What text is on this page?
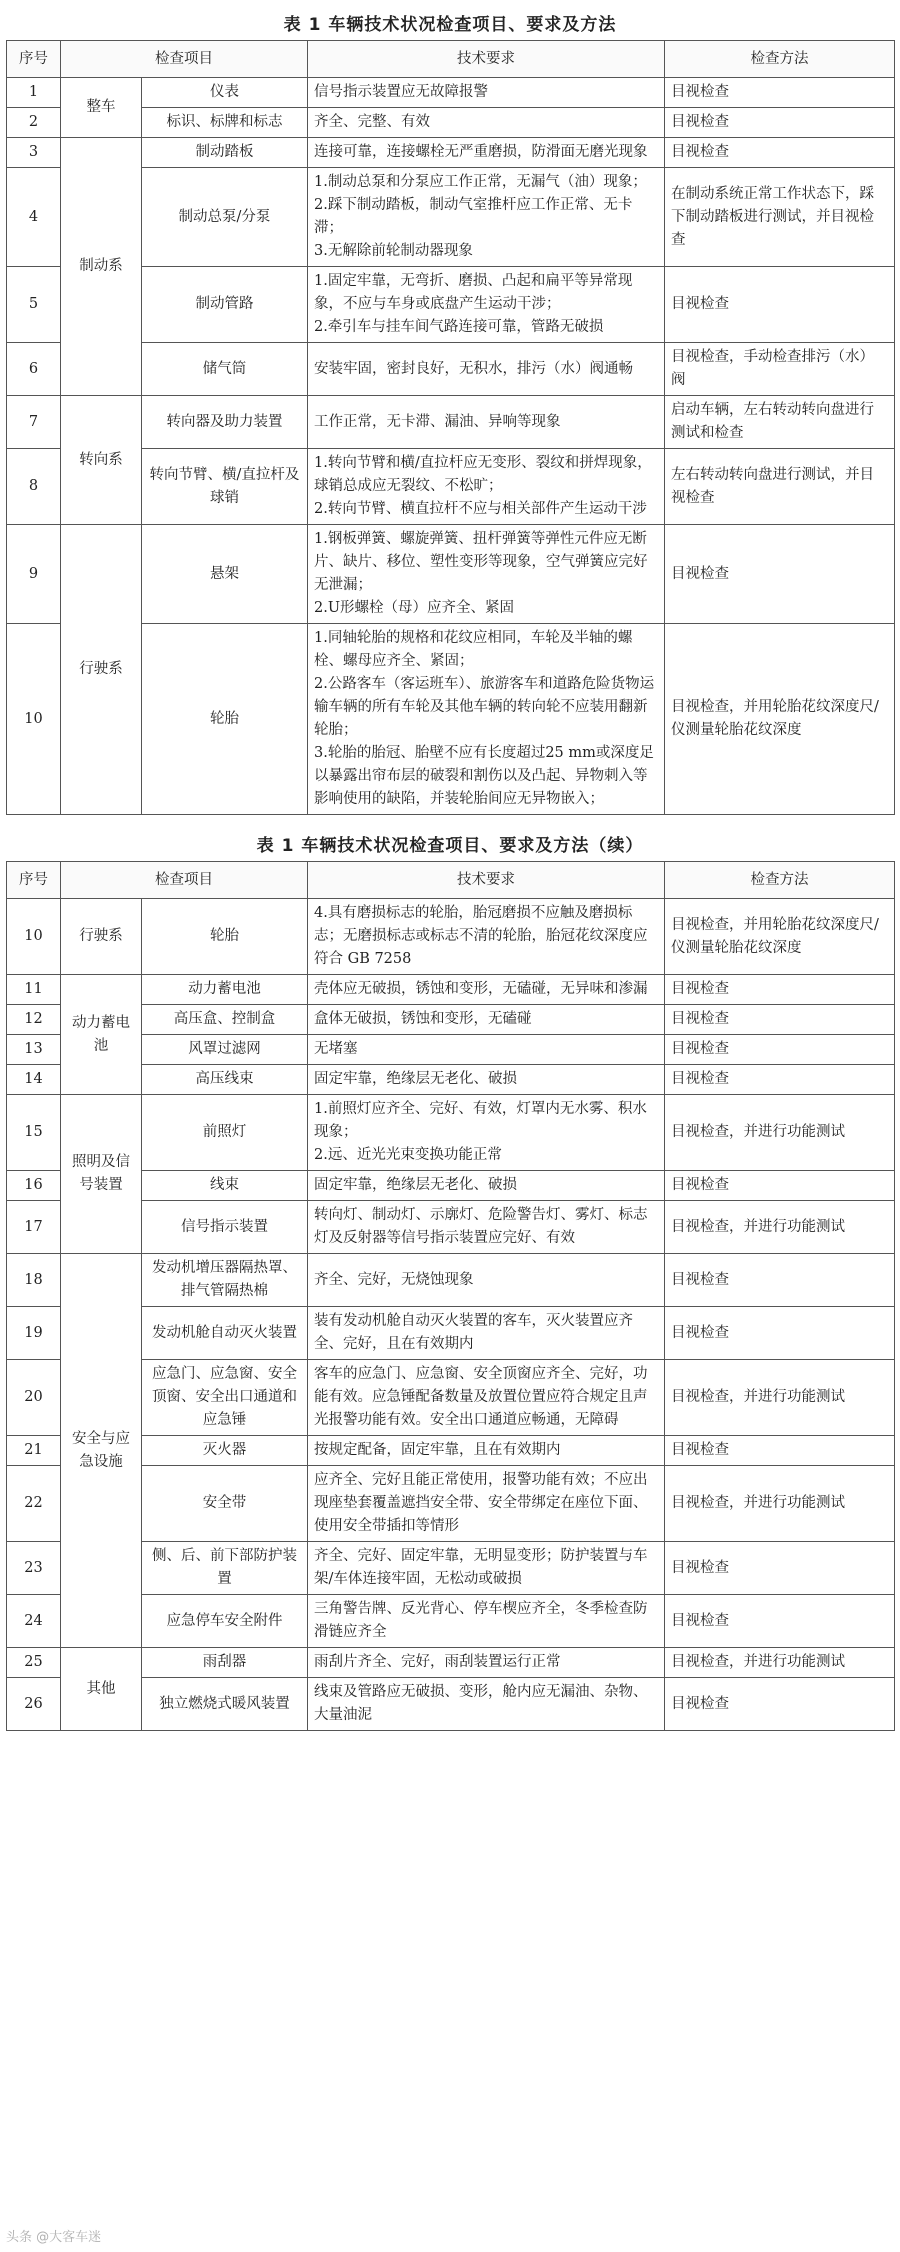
表 1 车辆技术状况检查项目、要求及方法
序号	检查项目		技术要求	检查方法
1	整车	仪表	信号指示装置应无故障报警	目视检查
2		标识、标牌和标志	齐全、完整、有效	目视检查
3	制动系	制动踏板	连接可靠，连接螺栓无严重磨损，防滑面无磨光现象	目视检查
4		制动总泵/分泵	1.制动总泵和分泵应工作正常，无漏气（油）现象；
2.踩下制动踏板，制动气室推杆应工作正常、无卡滞；
3.无解除前轮制动器现象	在制动系统正常工作状态下，踩下制动踏板进行测试，并目视检查
5		制动管路	1.固定牢靠，无弯折、磨损、凸起和扁平等异常现象，不应与车身或底盘产生运动干涉；
2.牵引车与挂车间气路连接可靠，管路无破损	目视检查
6		储气筒	安装牢固，密封良好，无积水，排污（水）阀通畅	目视检查，手动检查排污（水）阀
7	转向系	转向器及助力装置	工作正常，无卡滞、漏油、异响等现象	启动车辆，左右转动转向盘进行测试和检查
8		转向节臂、横/直拉杆及球销	1.转向节臂和横/直拉杆应无变形、裂纹和拼焊现象，球销总成应无裂纹、不松旷；
2.转向节臂、横直拉杆不应与相关部件产生运动干涉	左右转动转向盘进行测试，并目视检查
9	行驶系	悬架	1.钢板弹簧、螺旋弹簧、扭杆弹簧等弹性元件应无断片、缺片、移位、塑性变形等现象，空气弹簧应完好无泄漏；
2.U形螺栓（母）应齐全、紧固	目视检查
10		轮胎	1.同轴轮胎的规格和花纹应相同，车轮及半轴的螺栓、螺母应齐全、紧固；
2.公路客车（客运班车）、旅游客车和道路危险货物运输车辆的所有车轮及其他车辆的转向轮不应装用翻新轮胎；
3.轮胎的胎冠、胎壁不应有长度超过25 mm或深度足以暴露出帘布层的破裂和割伤以及凸起、异物刺入等影响使用的缺陷，并装轮胎间应无异物嵌入；	目视检查，并用轮胎花纹深度尺/仪测量轮胎花纹深度
表 1 车辆技术状况检查项目、要求及方法（续）
序号	检查项目		技术要求	检查方法
10	行驶系	轮胎	4.具有磨损标志的轮胎，胎冠磨损不应触及磨损标志；无磨损标志或标志不清的轮胎，胎冠花纹深度应符合 GB 7258	目视检查，并用轮胎花纹深度尺/仪测量轮胎花纹深度
11	动力蓄电池	动力蓄电池	壳体应无破损，锈蚀和变形，无磕碰，无异味和渗漏	目视检查
12		高压盒、控制盒	盒体无破损，锈蚀和变形，无磕碰	目视检查
13		风罩过滤网	无堵塞	目视检查
14		高压线束	固定牢靠，绝缘层无老化、破损	目视检查
15	照明及信号装置	前照灯	1.前照灯应齐全、完好、有效，灯罩内无水雾、积水现象；
2.远、近光光束变换功能正常	目视检查，并进行功能测试
16		线束	固定牢靠，绝缘层无老化、破损	目视检查
17		信号指示装置	转向灯、制动灯、示廓灯、危险警告灯、雾灯、标志灯及反射器等信号指示装置应完好、有效	目视检查，并进行功能测试
18	安全与应急设施	发动机增压器隔热罩、排气管隔热棉	齐全、完好，无烧蚀现象	目视检查
19		发动机舱自动灭火装置	装有发动机舱自动灭火装置的客车，灭火装置应齐全、完好，且在有效期内	目视检查
20		应急门、应急窗、安全顶窗、安全出口通道和应急锤	客车的应急门、应急窗、安全顶窗应齐全、完好，功能有效。应急锤配备数量及放置位置应符合规定且声光报警功能有效。安全出口通道应畅通，无障碍	目视检查，并进行功能测试
21		灭火器	按规定配备，固定牢靠，且在有效期内	目视检查
22		安全带	应齐全、完好且能正常使用，报警功能有效；不应出现座垫套覆盖遮挡安全带、安全带绑定在座位下面、使用安全带插扣等情形	目视检查，并进行功能测试
23		侧、后、前下部防护装置	齐全、完好、固定牢靠，无明显变形；防护装置与车架/车体连接牢固，无松动或破损	目视检查
24		应急停车安全附件	三角警告牌、反光背心、停车楔应齐全，冬季检查防滑链应齐全	目视检查
25	其他	雨刮器	雨刮片齐全、完好，雨刮装置运行正常	目视检查，并进行功能测试
26		独立燃烧式暖风装置	线束及管路应无破损、变形，舱内应无漏油、杂物、大量油泥	目视检查
头条 @大客车迷
